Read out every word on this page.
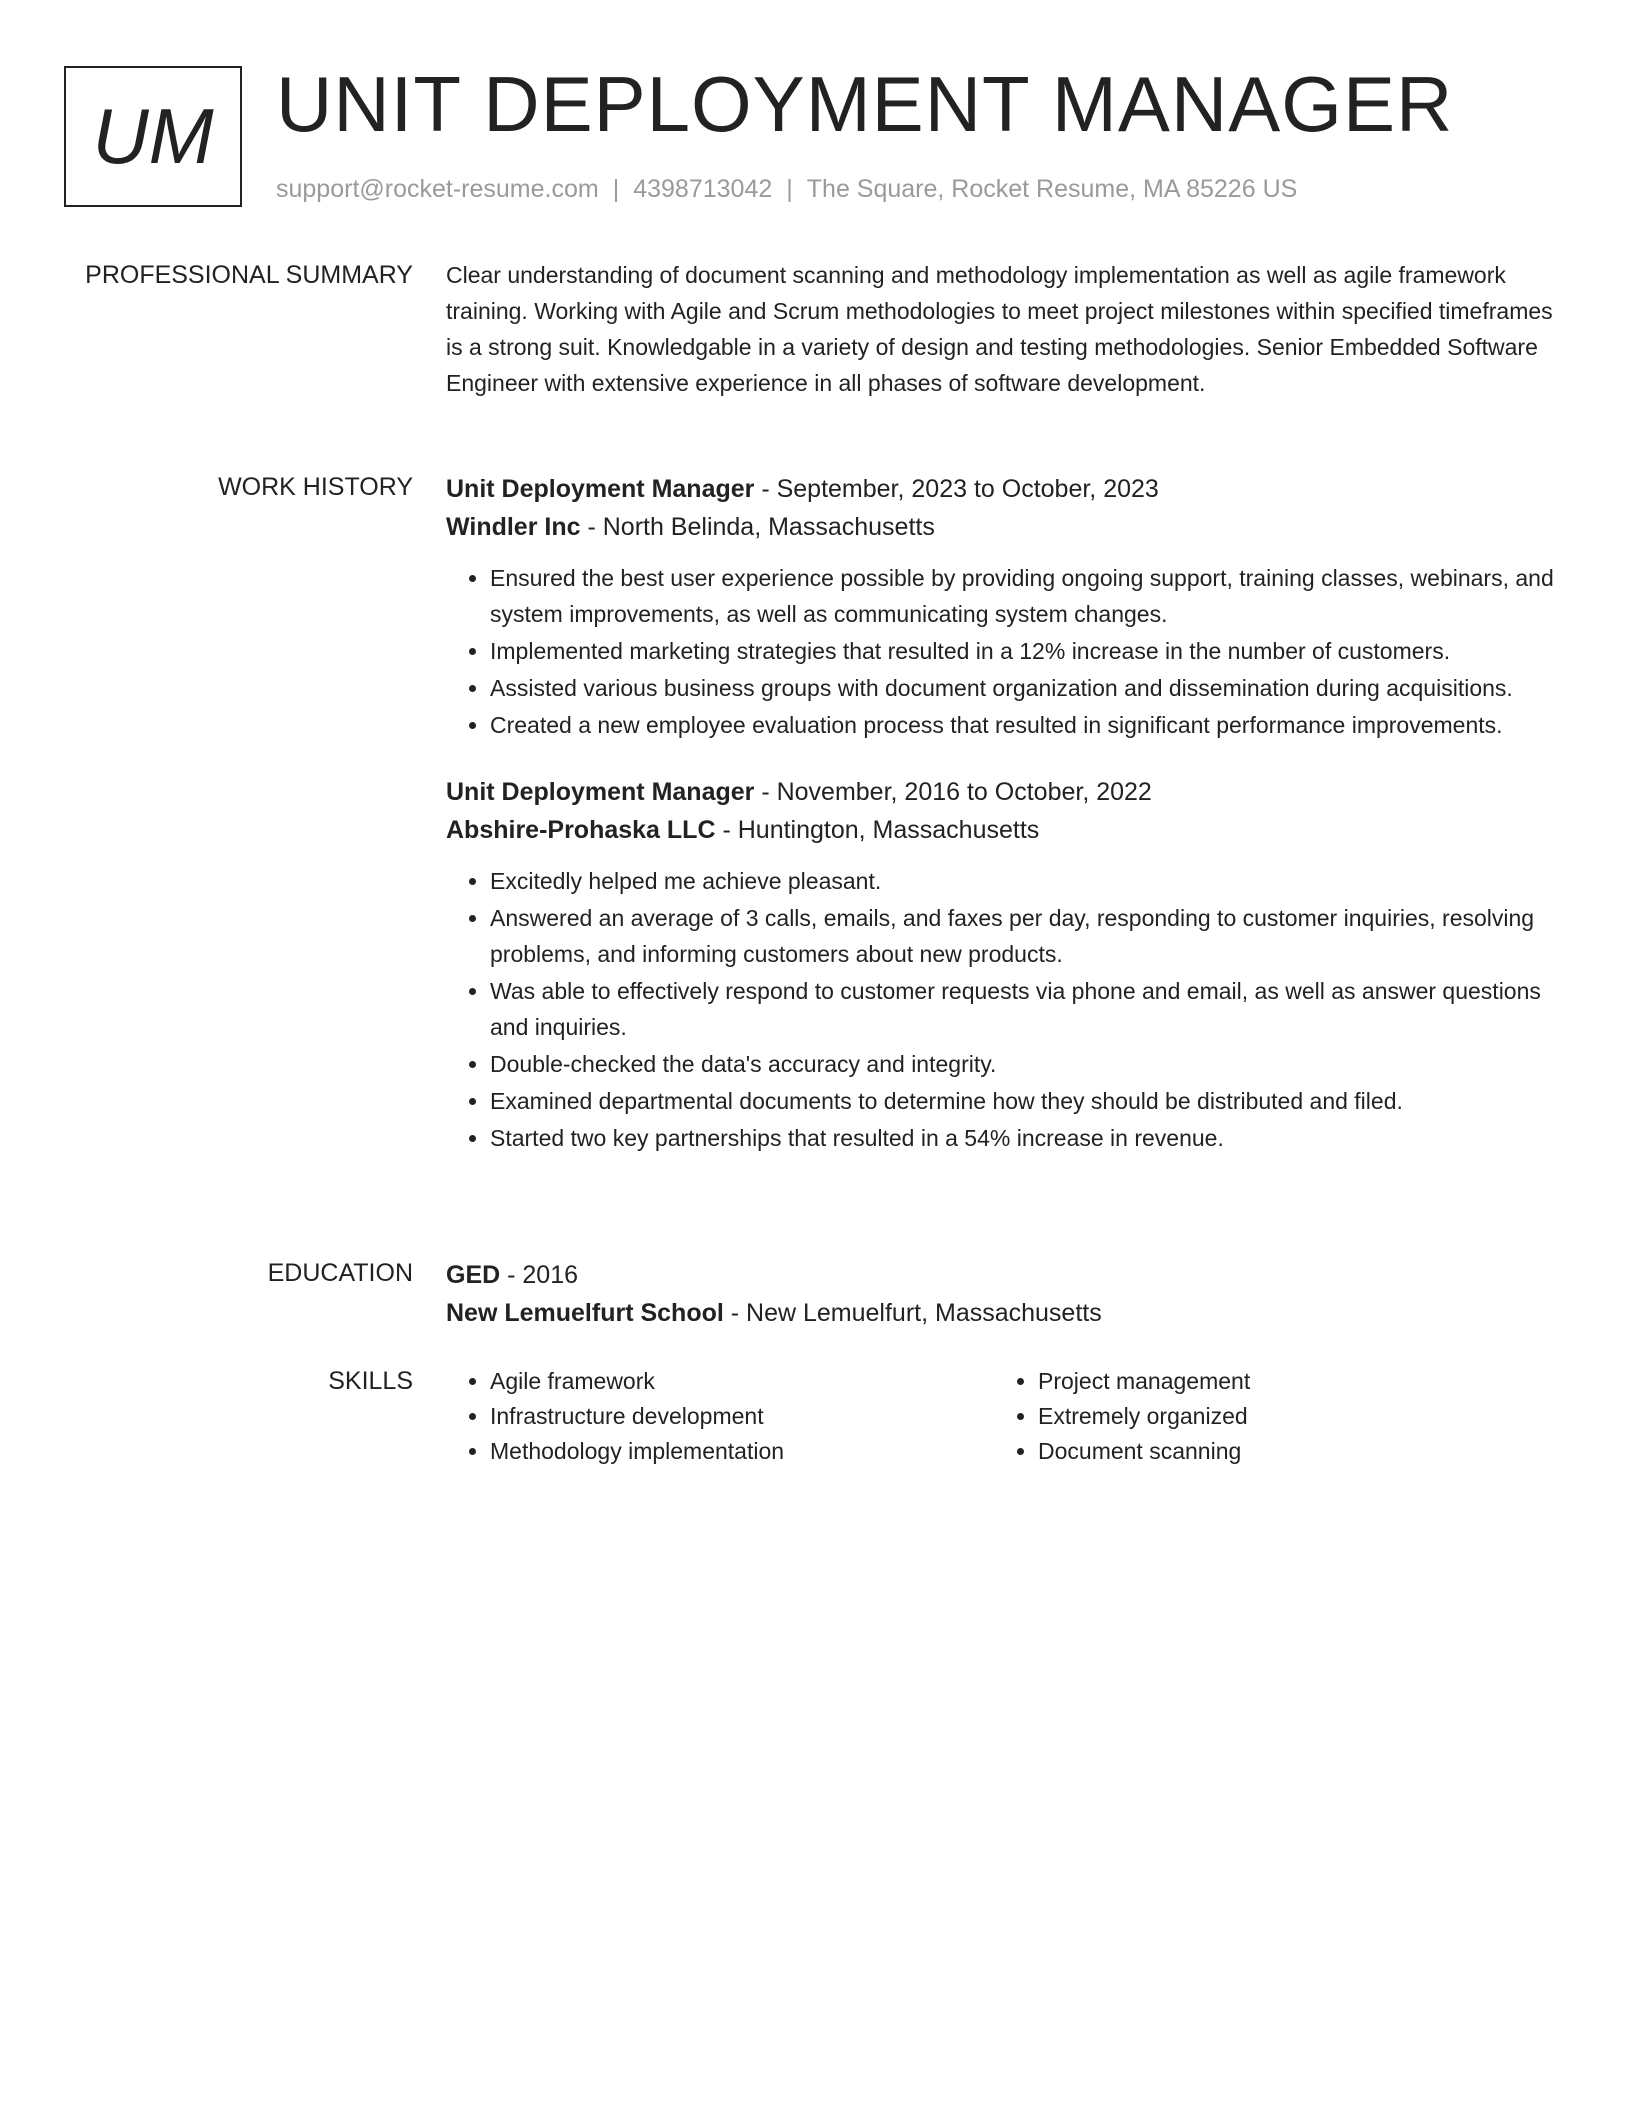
UM UNIT DEPLOYMENT MANAGER
support@rocket-resume.com | 4398713042 | The Square, Rocket Resume, MA 85226 US
PROFESSIONAL SUMMARY Clear understanding of document scanning and methodology implementation as well as agile framework training. Working with Agile and Scrum methodologies to meet project milestones within specified timeframes is a strong suit. Knowledgable in a variety of design and testing methodologies. Senior Embedded Software Engineer with extensive experience in all phases of software development.
WORK HISTORY Unit Deployment Manager - September, 2023 to October, 2023
Windler Inc - North Belinda, Massachusetts
• Ensured the best user experience possible by providing ongoing support, training classes, webinars, and system improvements, as well as communicating system changes.
• Implemented marketing strategies that resulted in a 12% increase in the number of customers.
• Assisted various business groups with document organization and dissemination during acquisitions.
• Created a new employee evaluation process that resulted in significant performance improvements.
Unit Deployment Manager - November, 2016 to October, 2022
Abshire-Prohaska LLC - Huntington, Massachusetts
• Excitedly helped me achieve pleasant.
• Answered an average of 3 calls, emails, and faxes per day, responding to customer inquiries, resolving problems, and informing customers about new products.
• Was able to effectively respond to customer requests via phone and email, as well as answer questions and inquiries.
• Double-checked the data's accuracy and integrity.
• Examined departmental documents to determine how they should be distributed and filed.
• Started two key partnerships that resulted in a 54% increase in revenue.
EDUCATION GED - 2016
New Lemuelfurt School - New Lemuelfurt, Massachusetts
SKILLS
•	Agile framework
• Infrastructure development
• Methodology implementation
• Project management
• Extremely organized
• Document scanning
